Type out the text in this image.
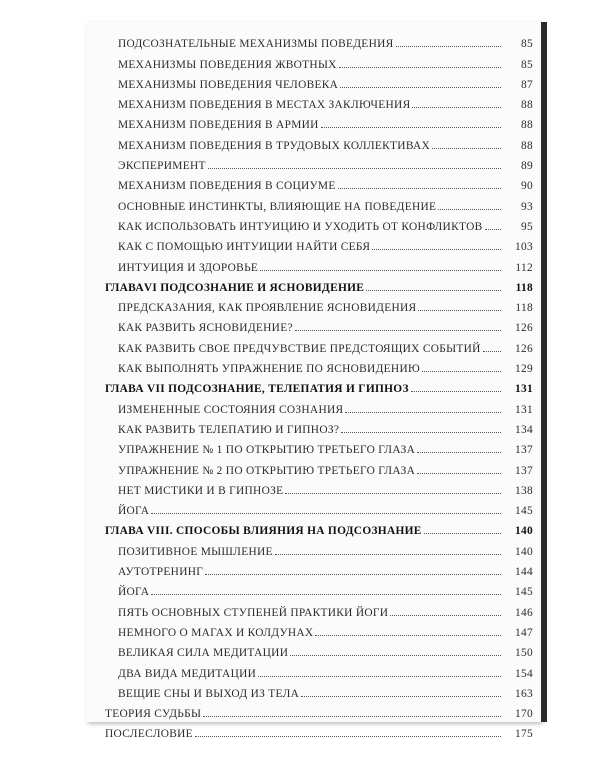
ПОДСОЗНАТЕЛЬНЫЕ МЕХАНИЗМЫ ПОВЕДЕНИЯ	85
МЕХАНИЗМЫ ПОВЕДЕНИЯ ЖВОТНЫХ	85
МЕХАНИЗМЫ ПОВЕДЕНИЯ ЧЕЛОВЕКА	87
МЕХАНИЗМ ПОВЕДЕНИЯ В МЕСТАХ ЗАКЛЮЧЕНИЯ	88
МЕХАНИЗМ ПОВЕДЕНИЯ В АРМИИ	88
МЕХАНИЗМ ПОВЕДЕНИЯ В ТРУДОВЫХ КОЛЛЕКТИВАХ	88
ЭКСПЕРИМЕНТ	89
МЕХАНИЗМ ПОВЕДЕНИЯ В СОЦИУМЕ	90
ОСНОВНЫЕ ИНСТИНКТЫ, ВЛИЯЮЩИЕ НА ПОВЕДЕНИЕ	93
КАК ИСПОЛЬЗОВАТЬ ИНТУИЦИЮ И УХОДИТЬ ОТ КОНФЛИКТОВ	95
КАК С ПОМОЩЬЮ ИНТУИЦИИ НАЙТИ СЕБЯ	103
ИНТУИЦИЯ И ЗДОРОВЬЕ	112
ГЛАВАVI ПОДСОЗНАНИЕ И ЯСНОВИДЕНИЕ	118
ПРЕДСКАЗАНИЯ, КАК ПРОЯВЛЕНИЕ ЯСНОВИДЕНИЯ	118
КАК РАЗВИТЬ ЯСНОВИДЕНИЕ?	126
КАК РАЗВИТЬ СВОЕ ПРЕДЧУВСТВИЕ ПРЕДСТОЯЩИХ СОБЫТИЙ	126
КАК ВЫПОЛНЯТЬ УПРАЖНЕНИЕ ПО ЯСНОВИДЕНИЮ	129
ГЛАВА VII ПОДСОЗНАНИЕ, ТЕЛЕПАТИЯ И ГИПНОЗ	131
ИЗМЕНЕННЫЕ СОСТОЯНИЯ СОЗНАНИЯ	131
КАК РАЗВИТЬ ТЕЛЕПАТИЮ И ГИПНОЗ?	134
УПРАЖНЕНИЕ № 1 ПО ОТКРЫТИЮ ТРЕТЬЕГО ГЛАЗА	137
УПРАЖНЕНИЕ № 2 ПО ОТКРЫТИЮ ТРЕТЬЕГО ГЛАЗА	137
НЕТ МИСТИКИ И В ГИПНОЗЕ	138
ЙОГА	145
ГЛАВА VIII. СПОСОБЫ ВЛИЯНИЯ НА ПОДСОЗНАНИЕ	140
ПОЗИТИВНОЕ МЫШЛЕНИЕ	140
АУТОТРЕНИНГ	144
ЙОГА	145
ПЯТЬ ОСНОВНЫХ СТУПЕНЕЙ ПРАКТИКИ ЙОГИ	146
НЕМНОГО О МАГАХ И КОЛДУНАХ	147
ВЕЛИКАЯ СИЛА МЕДИТАЦИИ	150
ДВА ВИДА МЕДИТАЦИИ	154
ВЕЩИЕ СНЫ И ВЫХОД ИЗ ТЕЛА	163
ТЕОРИЯ СУДЬБЫ	170
ПОСЛЕСЛОВИЕ	175
